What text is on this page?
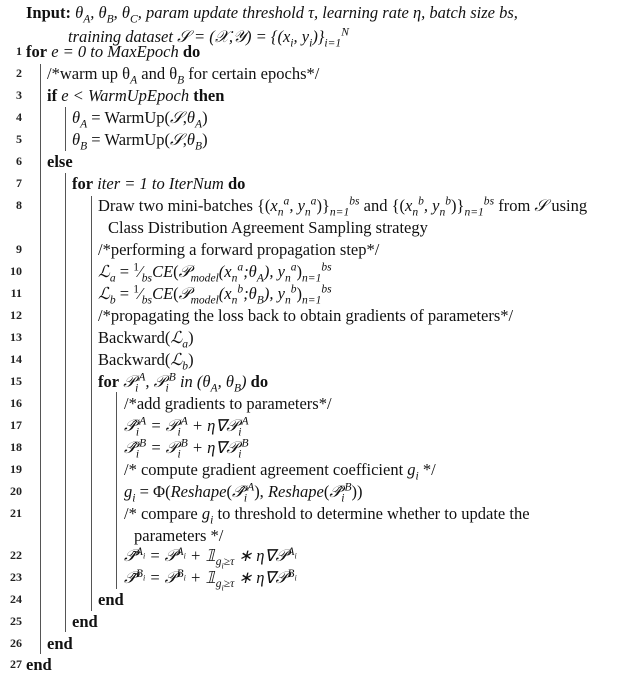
Input: $\theta_A$, $\theta_B$, $\theta_C$, param update threshold τ, learning rate η, batch size bs,
training dataset 𝒮 = (𝒳,𝒴) = {($x_i$, $y_i)\}_{i=1}^N$
1
2
3
4
5
6
7
8
9
10
11
12
13
14
15
16
17
18
19
20
21
22
23
24
25
26
27
for e = 0 to MaxEpoch do
/*warm up $\theta_A$ and $\theta_B$ for certain epochs*/
if e < WarmUpEpoch then
$\theta_A$ = $WarmUp(𝒮,\theta_A)$
$\theta_B$ = $WarmUp(𝒮,\theta_B)$
else
for iter = 1 to IterNum do
Draw two mini-batches {($x_n^a$, $y_n^a)\}_{n=1}^{bs}$ and {($x_n^b$, $y_n^b)\}_{n=1}^{bs}$ from 𝒮 using
Class Distribution Agreement Sampling strategy
/*performing a forward propagation step*/
ℒ$_a$ = $^1⁄_{bs}CE(𝒫_{model}(x_n^a;\theta_A)$, $y_n^a)_{n=1}^{bs}$
ℒ$_b$ = $^1⁄_{bs}CE(𝒫_{model}(x_n^b;\theta_B)$, $y_n^b)_{n=1}^{bs}$
/*propagating the loss back to obtain gradients of parameters*/
Backward(ℒ$_a$)
Backward(ℒ$_b$)
for 𝒫$_i^A$, 𝒫$_i^B$ in ($\theta_A$, $\theta_B$) do
/*add gradients to parameters*/
$𝒫̂_i^A$ = 𝒫$_i^A$ + η∇𝒫$_i^A$
$𝒫̂_i^B$ = 𝒫$_i^B$ + η∇𝒫$_i^B$
/* compute gradient agreement coefficient $g_i$ */
$g_i$ = $\Phi(Reshape(𝒫̂_i^A)$, $Reshape(𝒫̂_i^B)$)
/* compare $g_i$ to threshold to determine whether to update the
parameters */
𝒫̃$^{A_i}$ = 𝒫$^{A_i}$ + $𝟙_{g_i\ge\tau}$ ∗ η∇𝒫$^{A_i}$
𝒫̃$^{B_i}$ = 𝒫$^{B_i}$ + $𝟙_{g_i\ge\tau}$ ∗ η∇𝒫$^{B_i}$
end
end
end
end
